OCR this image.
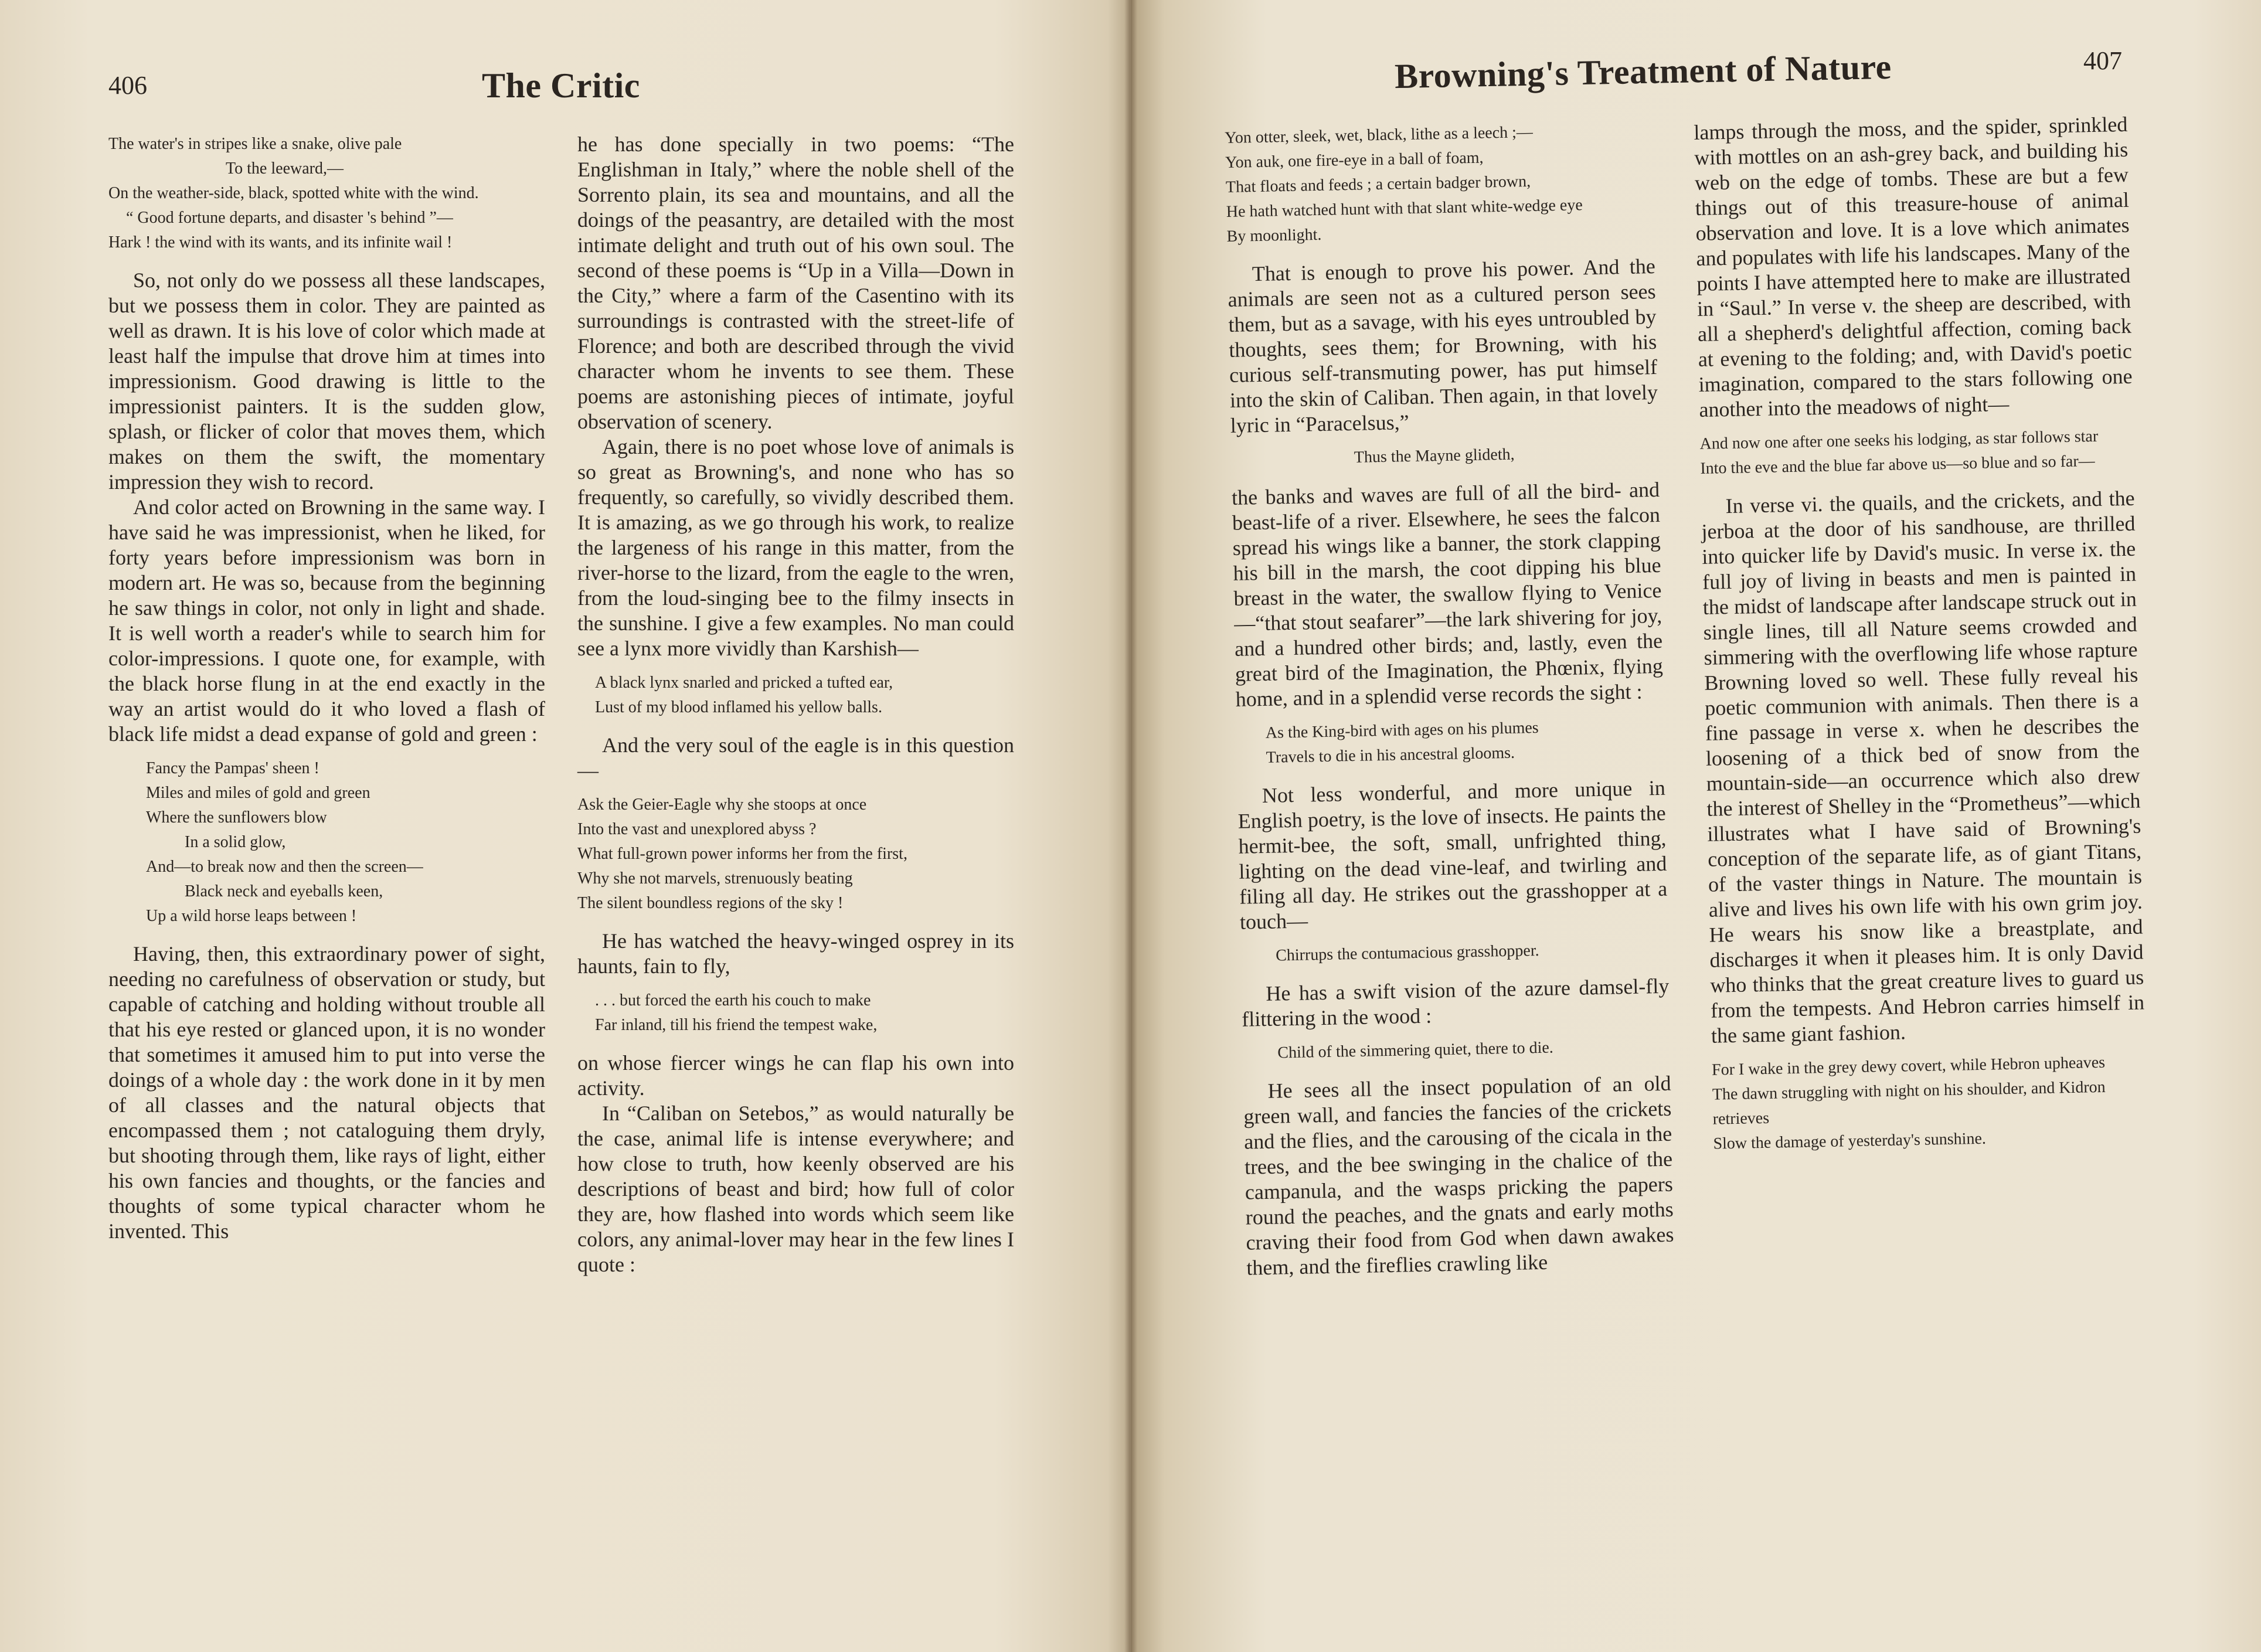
406	The Critic
The water's in stripes like a snake, olive pale
To the leeward,—
On the weather-side, black, spotted white with the wind.
“ Good fortune departs, and disaster 's behind ”—
Hark ! the wind with its wants, and its infinite wail !

So, not only do we possess all these landscapes, but we possess them in color. They are painted as well as drawn. It is his love of color which made at least half the impulse that drove him at times into impressionism. Good drawing is little to the impressionist painters. It is the sudden glow, splash, or flicker of color that moves them, which makes on them the swift, the momentary impression they wish to record.

And color acted on Browning in the same way. I have said he was impressionist, when he liked, for forty years before impressionism was born in modern art. He was so, because from the beginning he saw things in color, not only in light and shade. It is well worth a reader's while to search him for color-impressions. I quote one, for example, with the black horse flung in at the end exactly in the way an artist would do it who loved a flash of black life midst a dead expanse of gold and green :

Fancy the Pampas' sheen !
Miles and miles of gold and green
Where the sunflowers blow
In a solid glow,
And—to break now and then the screen—
Black neck and eyeballs keen,
Up a wild horse leaps between !

Having, then, this extraordinary power of sight, needing no carefulness of observation or study, but capable of catching and holding without trouble all that his eye rested or glanced upon, it is no wonder that sometimes it amused him to put into verse the doings of a whole day : the work done in it by men of all classes and the natural objects that encompassed them ; not cataloguing them dryly, but shooting through them, like rays of light, either his own fancies and thoughts, or the fancies and thoughts of some typical character whom he invented. This

he has done specially in two poems: “The Englishman in Italy,” where the noble shell of the Sorrento plain, its sea and mountains, and all the doings of the peasantry, are detailed with the most intimate delight and truth out of his own soul. The second of these poems is “Up in a Villa—Down in the City,” where a farm of the Casentino with its surroundings is contrasted with the street-life of Florence; and both are described through the vivid character whom he invents to see them. These poems are astonishing pieces of intimate, joyful observation of scenery.

Again, there is no poet whose love of animals is so great as Browning's, and none who has so frequently, so carefully, so vividly described them. It is amazing, as we go through his work, to realize the largeness of his range in this matter, from the river-horse to the lizard, from the eagle to the wren, from the loud-singing bee to the filmy insects in the sunshine. I give a few examples. No man could see a lynx more vividly than Karshish—

A black lynx snarled and pricked a tufted ear,
Lust of my blood inflamed his yellow balls.

And the very soul of the eagle is in this question—

Ask the Geier-Eagle why she stoops at once
Into the vast and unexplored abyss ?
What full-grown power informs her from the first,
Why she not marvels, strenuously beating
The silent boundless regions of the sky !

He has watched the heavy-winged osprey in its haunts, fain to fly,

. . . but forced the earth his couch to make
Far inland, till his friend the tempest wake,

on whose fiercer wings he can flap his own into activity.

In “Caliban on Setebos,” as would naturally be the case, animal life is intense everywhere; and how close to truth, how keenly observed are his descriptions of beast and bird; how full of color they are, how flashed into words which seem like colors, any animal-lover may hear in the few lines I quote :

Browning's Treatment of Nature	407
Yon otter, sleek, wet, black, lithe as a leech ;—
Yon auk, one fire-eye in a ball of foam,
That floats and feeds ; a certain badger brown,
He hath watched hunt with that slant white-wedge eye
By moonlight.

That is enough to prove his power. And the animals are seen not as a cultured person sees them, but as a savage, with his eyes untroubled by thoughts, sees them; for Browning, with his curious self-transmuting power, has put himself into the skin of Caliban. Then again, in that lovely lyric in “Paracelsus,”

Thus the Mayne glideth,

the banks and waves are full of all the bird- and beast-life of a river. Elsewhere, he sees the falcon spread his wings like a banner, the stork clapping his bill in the marsh, the coot dipping his blue breast in the water, the swallow flying to Venice—“that stout seafarer”—the lark shivering for joy, and a hundred other birds; and, lastly, even the great bird of the Imagination, the Phœnix, flying home, and in a splendid verse records the sight :

As the King-bird with ages on his plumes
Travels to die in his ancestral glooms.

Not less wonderful, and more unique in English poetry, is the love of insects. He paints the hermit-bee, the soft, small, unfrighted thing, lighting on the dead vine-leaf, and twirling and filing all day. He strikes out the grasshopper at a touch—

Chirrups the contumacious grasshopper.

He has a swift vision of the azure damsel-fly flittering in the wood :

Child of the simmering quiet, there to die.

He sees all the insect population of an old green wall, and fancies the fancies of the crickets and the flies, and the carousing of the cicala in the trees, and the bee swinging in the chalice of the campanula, and the wasps pricking the papers round the peaches, and the gnats and early moths craving their food from God when dawn awakes them, and the fireflies crawling like

lamps through the moss, and the spider, sprinkled with mottles on an ash-grey back, and building his web on the edge of tombs. These are but a few things out of this treasure-house of animal observation and love. It is a love which animates and populates with life his landscapes. Many of the points I have attempted here to make are illustrated in “Saul.” In verse v. the sheep are described, with all a shepherd's delightful affection, coming back at evening to the folding; and, with David's poetic imagination, compared to the stars following one another into the meadows of night—

And now one after one seeks his lodging, as star follows star
Into the eve and the blue far above us—so blue and so far—

In verse vi. the quails, and the crickets, and the jerboa at the door of his sandhouse, are thrilled into quicker life by David's music. In verse ix. the full joy of living in beasts and men is painted in the midst of landscape after landscape struck out in single lines, till all Nature seems crowded and simmering with the overflowing life whose rapture Browning loved so well. These fully reveal his poetic communion with animals. Then there is a fine passage in verse x. when he describes the loosening of a thick bed of snow from the mountain-side—an occurrence which also drew the interest of Shelley in the “Prometheus”—which illustrates what I have said of Browning's conception of the separate life, as of giant Titans, of the vaster things in Nature. The mountain is alive and lives his own life with his own grim joy. He wears his snow like a breastplate, and discharges it when it pleases him. It is only David who thinks that the great creature lives to guard us from the tempests. And Hebron carries himself in the same giant fashion.

For I wake in the grey dewy covert, while Hebron upheaves
The dawn struggling with night on his shoulder, and Kidron retrieves
Slow the damage of yesterday's sunshine.
